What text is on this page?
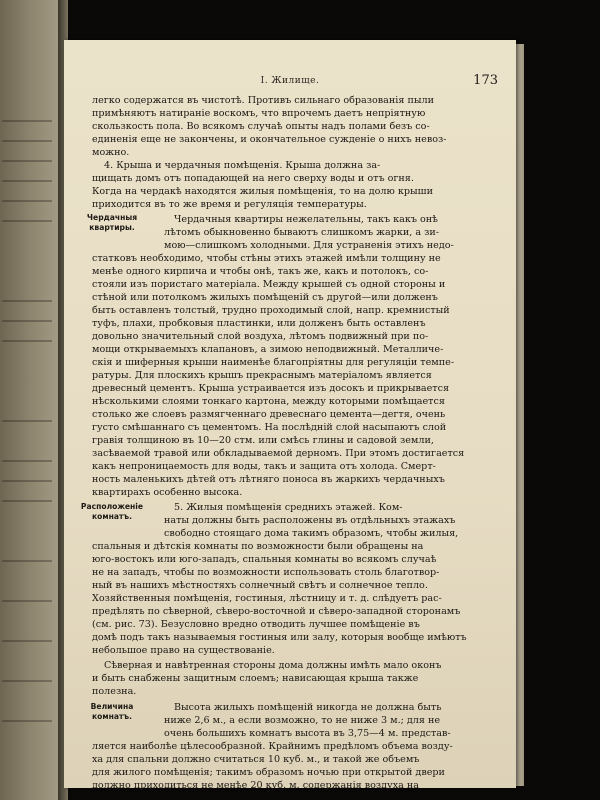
I. Жилище.	173
легко содержатся въ чистотѣ. Противъ сильнаго образованія пыли
примѣняютъ натираніе воскомъ, что впрочемъ даетъ непріятную
скользкость пола. Во всякомъ случаѣ опыты надъ полами безъ со-
единенія еще не закончены, и окончательное сужденіе о нихъ невоз-
можно.
4. Крыша и чердачныя помѣщенія. Крыша должна за-
щищать домъ отъ попадающей на него сверху воды и отъ огня.
Когда на чердакѣ находятся жилыя помѣщенія, то на долю крыши
приходится въ то же время и регуляція температуры.
Чердачныя квартиры.
Чердачныя квартиры нежелательны, такъ какъ онѣ
лѣтомъ обыкновенно бываютъ слишкомъ жарки, а зи-
мою—слишкомъ холодными. Для устраненія этихъ недо-
статковъ необходимо, чтобы стѣны этихъ этажей имѣли толщину не
менѣе одного кирпича и чтобы онѣ, такъ же, какъ и потолокъ, со-
стояли изъ пористаго матеріала. Между крышей съ одной стороны и
стѣной или потолкомъ жилыхъ помѣщеній съ другой—или долженъ
быть оставленъ толстый, трудно проходимый слой, напр. кремнистый
туфъ, плахи, пробковыя пластинки, или долженъ быть оставленъ
довольно значительный слой воздуха, лѣтомъ подвижный при по-
мощи открываемыхъ клапановъ, а зимою неподвижный. Металличе-
скія и шиферныя крыши наименѣе благопріятны для регуляціи темпе-
ратуры. Для плоскихъ крышъ прекраснымъ матеріаломъ является
древесный цементъ. Крыша устраивается изъ досокъ и прикрывается
нѣсколькими слоями тонкаго картона, между которыми помѣщается
столько же слоевъ размягченнаго древеснаго цемента—дегтя, очень
густо смѣшаннаго съ цементомъ. На послѣдній слой насыпаютъ слой
гравія толщиною въ 10—20 стм. или смѣсь глины и садовой земли,
засѣваемой травой или обкладываемой дерномъ. При этомъ достигается
какъ непроницаемость для воды, такъ и защита отъ холода. Смерт-
ность маленькихъ дѣтей отъ лѣтняго поноса въ жаркихъ чердачныхъ
квартирахъ особенно высока.
Расположеніе комнатъ.
5. Жилыя помѣщенія среднихъ этажей. Ком-
наты должны быть расположены въ отдѣльныхъ этажахъ
свободно стоящаго дома такимъ образомъ, чтобы жилыя,
спальныя и дѣтскія комнаты по возможности были обращены на
юго-востокъ или юго-западъ, спальныя комнаты во всякомъ случаѣ
не на западъ, чтобы по возможности использовать столь благотвор-
ный въ нашихъ мѣстностяхъ солнечный свѣтъ и солнечное тепло.
Хозяйственныя помѣщенія, гостиныя, лѣстницу и т. д. слѣдуетъ рас-
предѣлять по сѣверной, сѣверо-восточной и сѣверо-западной сторонамъ
(см. рис. 73). Безусловно вредно отводить лучшее помѣщеніе въ
домѣ подъ такъ называемыя гостиныя или залу, которыя вообще имѣютъ
небольшое право на существованіе.
Сѣверная и навѣтренная стороны дома должны имѣть мало оконъ
и быть снабжены защитным слоемъ; нависающая крыша также
полезна.
Величина комнатъ.
Высота жилыхъ помѣщеній никогда не должна быть
ниже 2,6 м., а если возможно, то не ниже 3 м.; для не
очень большихъ комнатъ высота въ 3,75—4 м. представ-
ляется наиболѣе цѣлесообразной. Крайнимъ предѣломъ объема возду-
ха для спальни должно считаться 10 куб. м., и такой же объемъ
для жилого помѣщенія; такимъ образомъ ночью при открытой двери
должно приходиться не менѣе 20 куб. м. содержанія воздуха на
